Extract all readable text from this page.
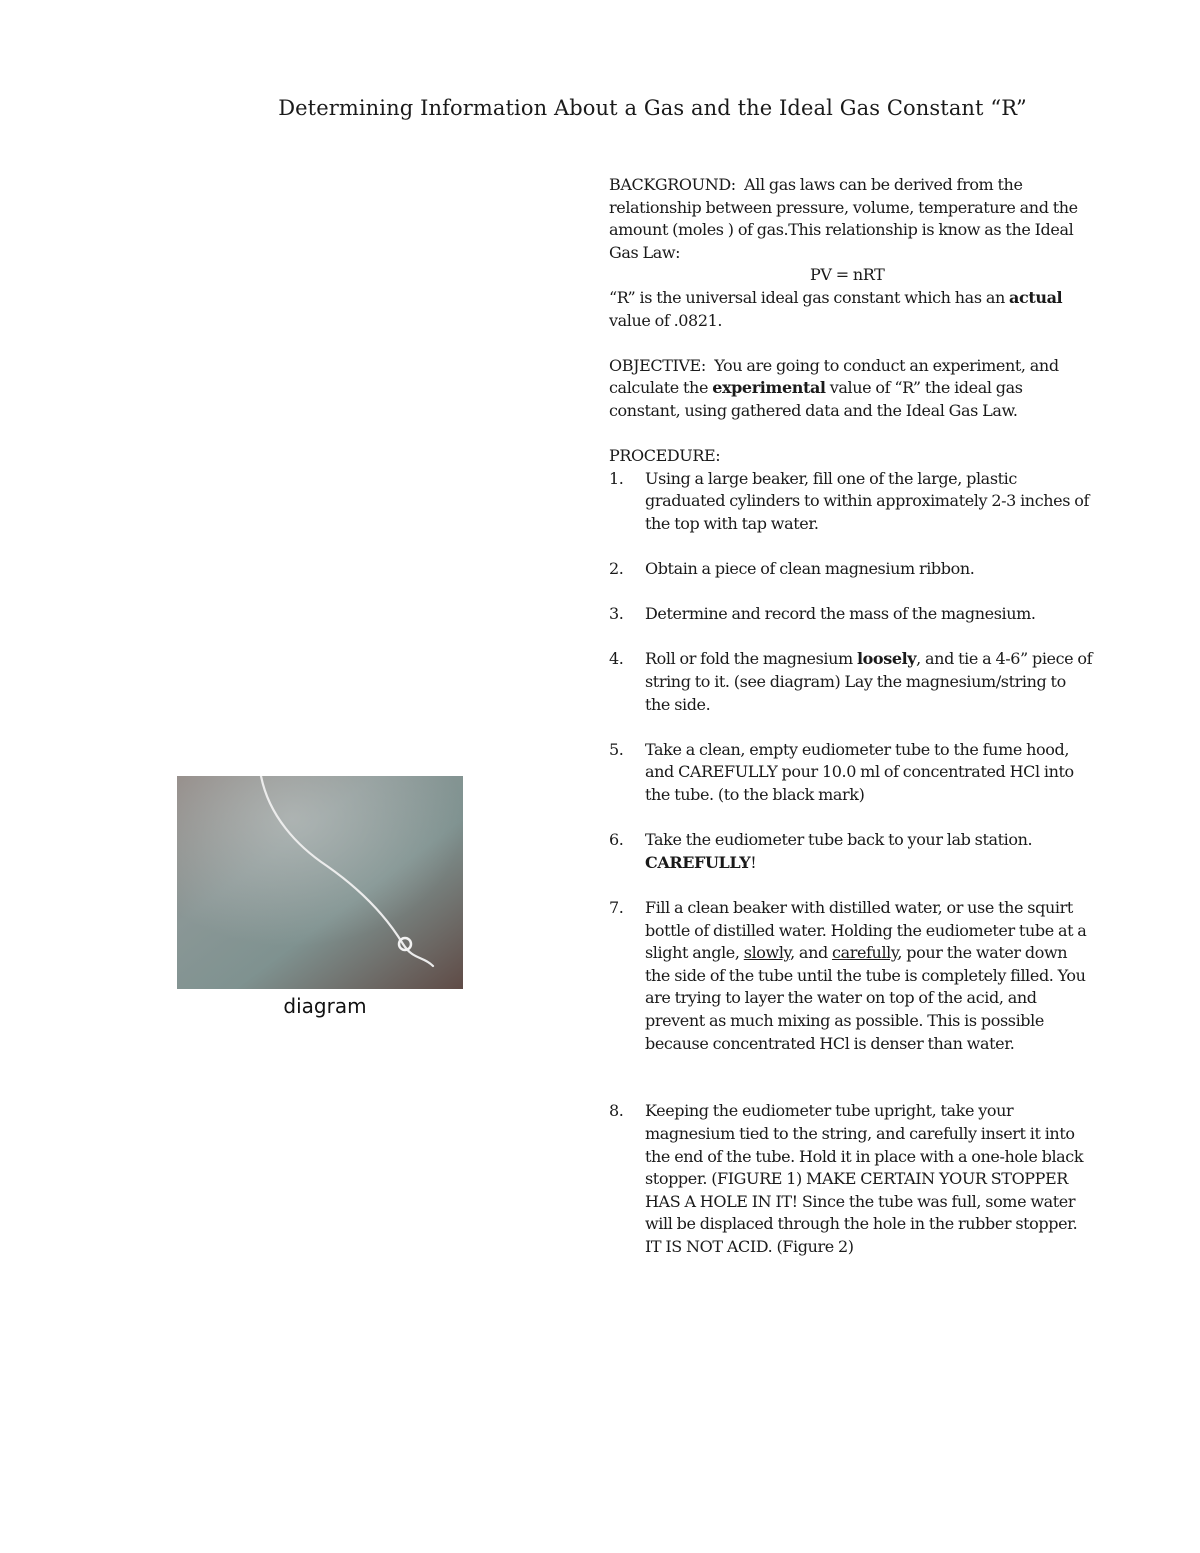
Determining Information About a Gas and the Ideal Gas Constant “R”
diagram

BACKGROUND: All gas laws can be derived from the relationship between pressure, volume, temperature and the amount (moles ) of gas.This relationship is know as the Ideal Gas Law:
PV = nRT
“R” is the universal ideal gas constant which has an actual value of .0821.

OBJECTIVE: You are going to conduct an experiment, and calculate the experimental value of “R” the ideal gas constant, using gathered data and the Ideal Gas Law.

PROCEDURE:

1. Using a large beaker, fill one of the large, plastic graduated cylinders to within approximately 2-3 inches of the top with tap water.
2. Obtain a piece of clean magnesium ribbon.
3. Determine and record the mass of the magnesium.
4. Roll or fold the magnesium loosely, and tie a 4-6” piece of string to it. (see diagram) Lay the magnesium/string to the side.
5. Take a clean, empty eudiometer tube to the fume hood, and CAREFULLY pour 10.0 ml of concentrated HCl into the tube. (to the black mark)
6. Take the eudiometer tube back to your lab station. CAREFULLY!
7. Fill a clean beaker with distilled water, or use the squirt bottle of distilled water. Holding the eudiometer tube at a slight angle, slowly, and carefully, pour the water down the side of the tube until the tube is completely filled. You are trying to layer the water on top of the acid, and prevent as much mixing as possible. This is possible because concentrated HCl is denser than water.
8. Keeping the eudiometer tube upright, take your magnesium tied to the string, and carefully insert it into the end of the tube. Hold it in place with a one-hole black stopper. (FIGURE 1) MAKE CERTAIN YOUR STOPPER HAS A HOLE IN IT! Since the tube was full, some water will be displaced through the hole in the rubber stopper. IT IS NOT ACID. (Figure 2)
